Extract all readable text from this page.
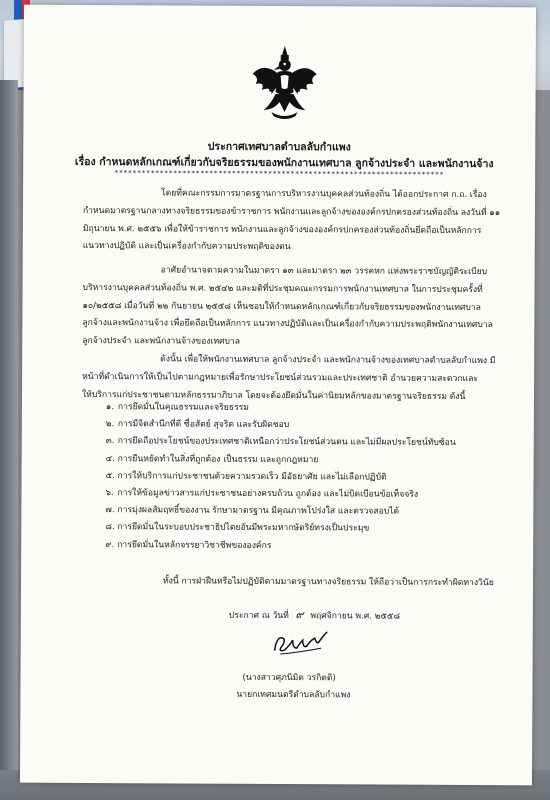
ประกาศเทศบาลตำบลลับกำแพง
เรื่อง กำหนดหลักเกณฑ์เกี่ยวกับจริยธรรมของพนักงานเทศบาล ลูกจ้างประจำ และพนักงานจ้าง
*************************************************************************

โดยที่คณะกรรมการมาตรฐานการบริหารงานบุคคลส่วนท้องถิ่น ได้ออกประกาศ ก.ถ. เรื่อง
กำหนดมาตรฐานกลางทางจริยธรรมของข้าราชการ พนักงานและลูกจ้างขององค์กรปกครองส่วนท้องถิ่น ลงวันที่ ๑๑
มิถุนายน พ.ศ. ๒๕๕๖ เพื่อให้ข้าราชการ พนักงานและลูกจ้างขององค์กรปกครองส่วนท้องถิ่นยึดถือเป็นหลักการ
แนวทางปฏิบัติ และเป็นเครื่องกำกับความประพฤติของตน

อาศัยอำนาจตามความในมาตรา ๑๓ และมาตรา ๒๓ วรรคหก แห่งพระราชบัญญัติระเบียบ
บริหารงานบุคคลส่วนท้องถิ่น พ.ศ. ๒๕๔๒ และมติที่ประชุมคณะกรรมการพนักงานเทศบาล ในการประชุมครั้งที่
๑๐/๒๕๕๘ เมื่อวันที่ ๒๒ กันยายน ๒๕๕๘ เห็นชอบให้กำหนดหลักเกณฑ์เกี่ยวกับจริยธรรมของพนักงานเทศบาล
ลูกจ้างและพนักงานจ้าง เพื่อยึดถือเป็นหลักการ แนวทางปฏิบัติและเป็นเครื่องกำกับความประพฤติพนักงานเทศบาล
ลูกจ้างประจำ และพนักงานจ้างของเทศบาล

ดังนั้น เพื่อให้พนักงานเทศบาล ลูกจ้างประจำ และพนักงานจ้างของเทศบาลตำบลลับกำแพง มี
หน้าที่ดำเนินการให้เป็นไปตามกฎหมายเพื่อรักษาประโยชน์ส่วนรวมและประเทศชาติ อำนวยความสะดวกและ
ให้บริการแก่ประชาชนตามหลักธรรมาภิบาล โดยจะต้องยึดมั่นในค่านิยมหลักของมาตรฐานจริยธรรม ดังนี้

๑. การยึดมั่นในคุณธรรมและจริยธรรม
๒. การมีจิตสำนึกที่ดี ซื่อสัตย์ สุจริต และรับผิดชอบ
๓. การยึดถือประโยชน์ของประเทศชาติเหนือกว่าประโยชน์ส่วนตน และไม่มีผลประโยชน์ทับซ้อน
๔. การยืนหยัดทำในสิ่งที่ถูกต้อง เป็นธรรม และถูกกฎหมาย
๕. การให้บริการแก่ประชาชนด้วยความรวดเร็ว มีอัธยาศัย และไม่เลือกปฏิบัติ
๖. การให้ข้อมูลข่าวสารแก่ประชาชนอย่างครบถ้วน ถูกต้อง และไม่บิดเบือนข้อเท็จจริง
๗. การมุ่งผลสัมฤทธิ์ของงาน รักษามาตรฐาน มีคุณภาพโปร่งใส และตรวจสอบได้
๘. การยึดมั่นในระบอบประชาธิปไตยอันมีพระมหากษัตริย์ทรงเป็นประมุข
๙. การยึดมั่นในหลักจรรยาวิชาชีพขององค์กร
ทั้งนี้ การฝ่าฝืนหรือไม่ปฏิบัติตามมาตรฐานทางจริยธรรม ให้ถือว่าเป็นการกระทำผิดทางวินัย
ประกาศ ณ วันที่ ๙ พฤศจิกายน พ.ศ. ๒๕๕๘
(นางสาวศุภนิมิต วรกิตติ)
นายกเทศมนตรีตำบลลับกำแพง
